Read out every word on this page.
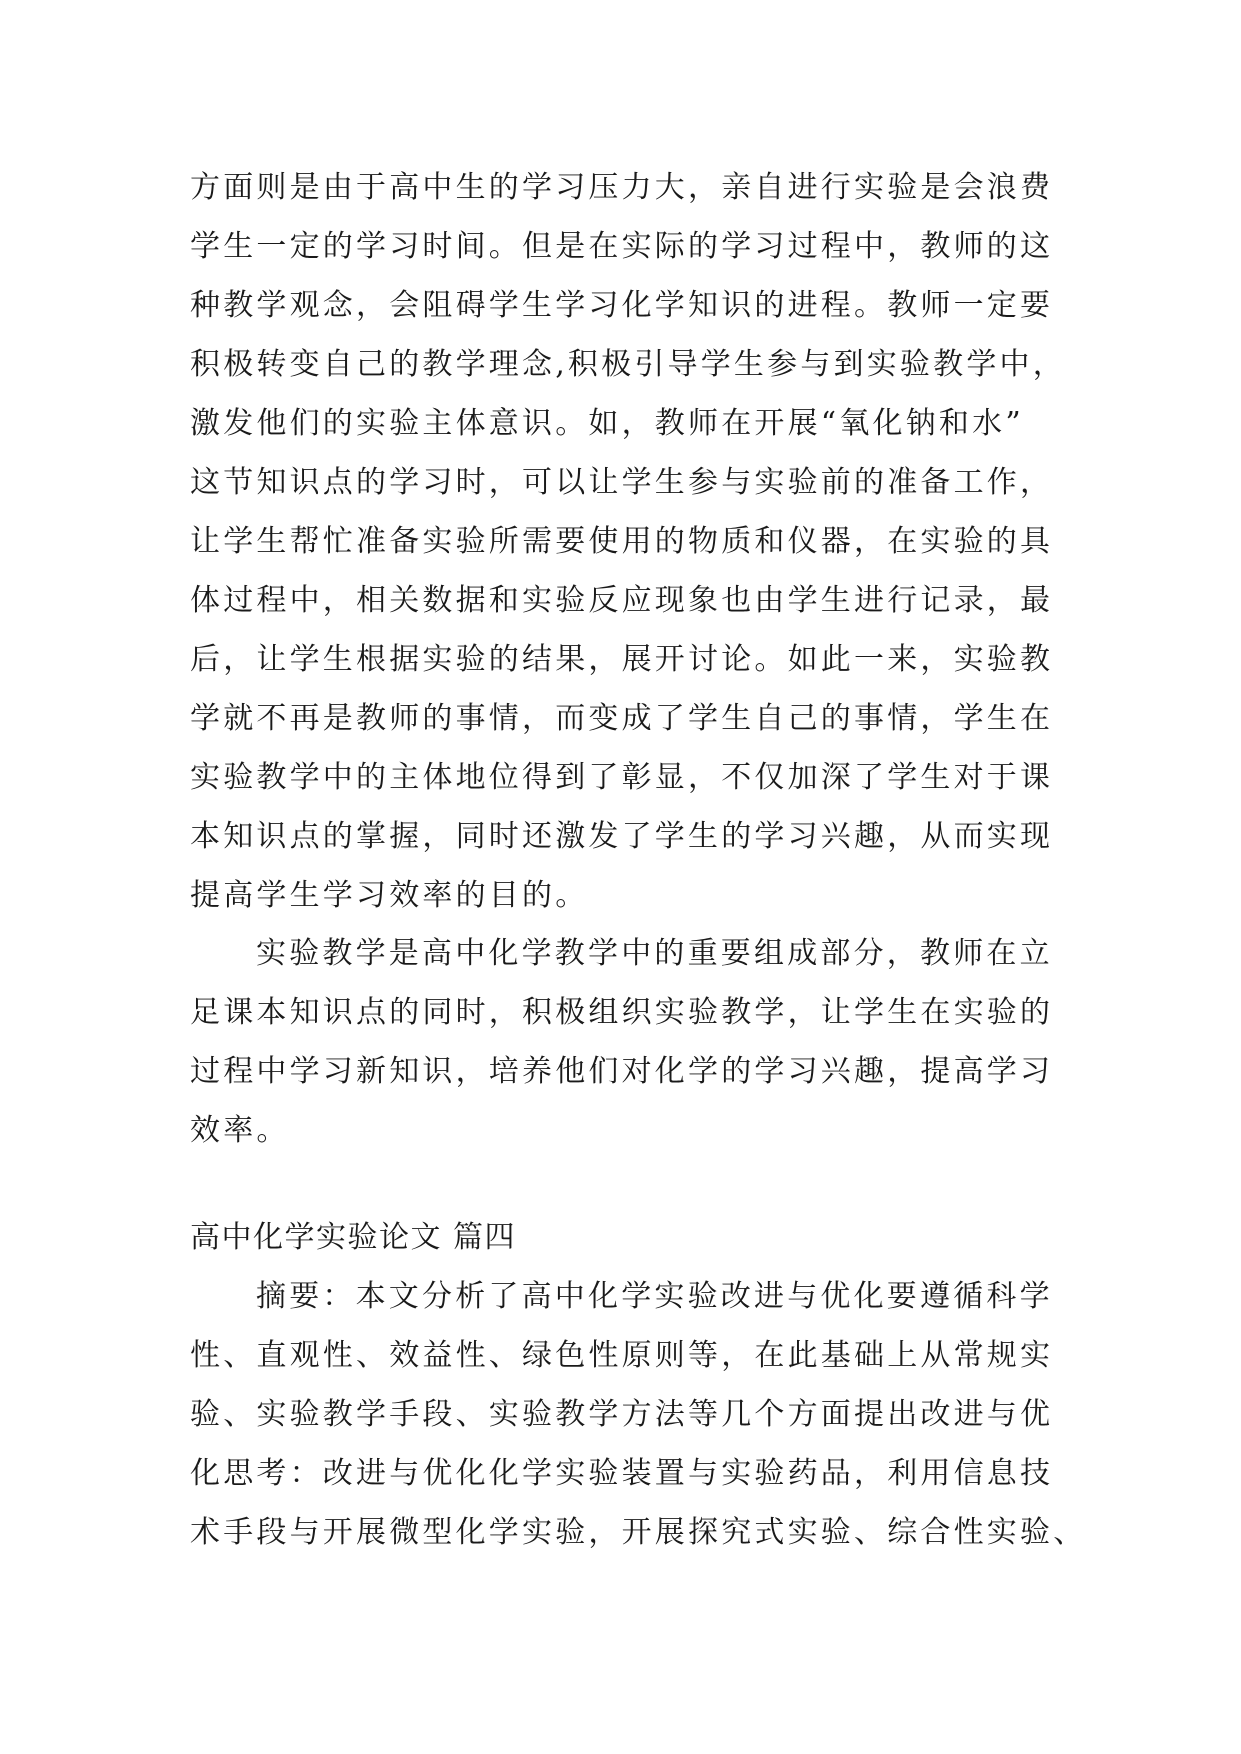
方面则是由于高中生的学习压力大，亲自进行实验是会浪费
学生一定的学习时间。但是在实际的学习过程中，教师的这
种教学观念，会阻碍学生学习化学知识的进程。教师一定要
积极转变自己的教学理念,积极引导学生参与到实验教学中，
激发他们的实验主体意识。如，教师在开展“氧化钠和水”
这节知识点的学习时，可以让学生参与实验前的准备工作，
让学生帮忙准备实验所需要使用的物质和仪器，在实验的具
体过程中，相关数据和实验反应现象也由学生进行记录，最
后，让学生根据实验的结果，展开讨论。如此一来，实验教
学就不再是教师的事情，而变成了学生自己的事情，学生在
实验教学中的主体地位得到了彰显，不仅加深了学生对于课
本知识点的掌握，同时还激发了学生的学习兴趣，从而实现
提高学生学习效率的目的。
实验教学是高中化学教学中的重要组成部分，教师在立
足课本知识点的同时，积极组织实验教学，让学生在实验的
过程中学习新知识，培养他们对化学的学习兴趣，提高学习
效率。
高中化学实验论文 篇四
摘要：本文分析了高中化学实验改进与优化要遵循科学
性、直观性、效益性、绿色性原则等，在此基础上从常规实
验、实验教学手段、实验教学方法等几个方面提出改进与优
化思考：改进与优化化学实验装置与实验药品，利用信息技
术手段与开展微型化学实验，开展探究式实验、综合性实验、
